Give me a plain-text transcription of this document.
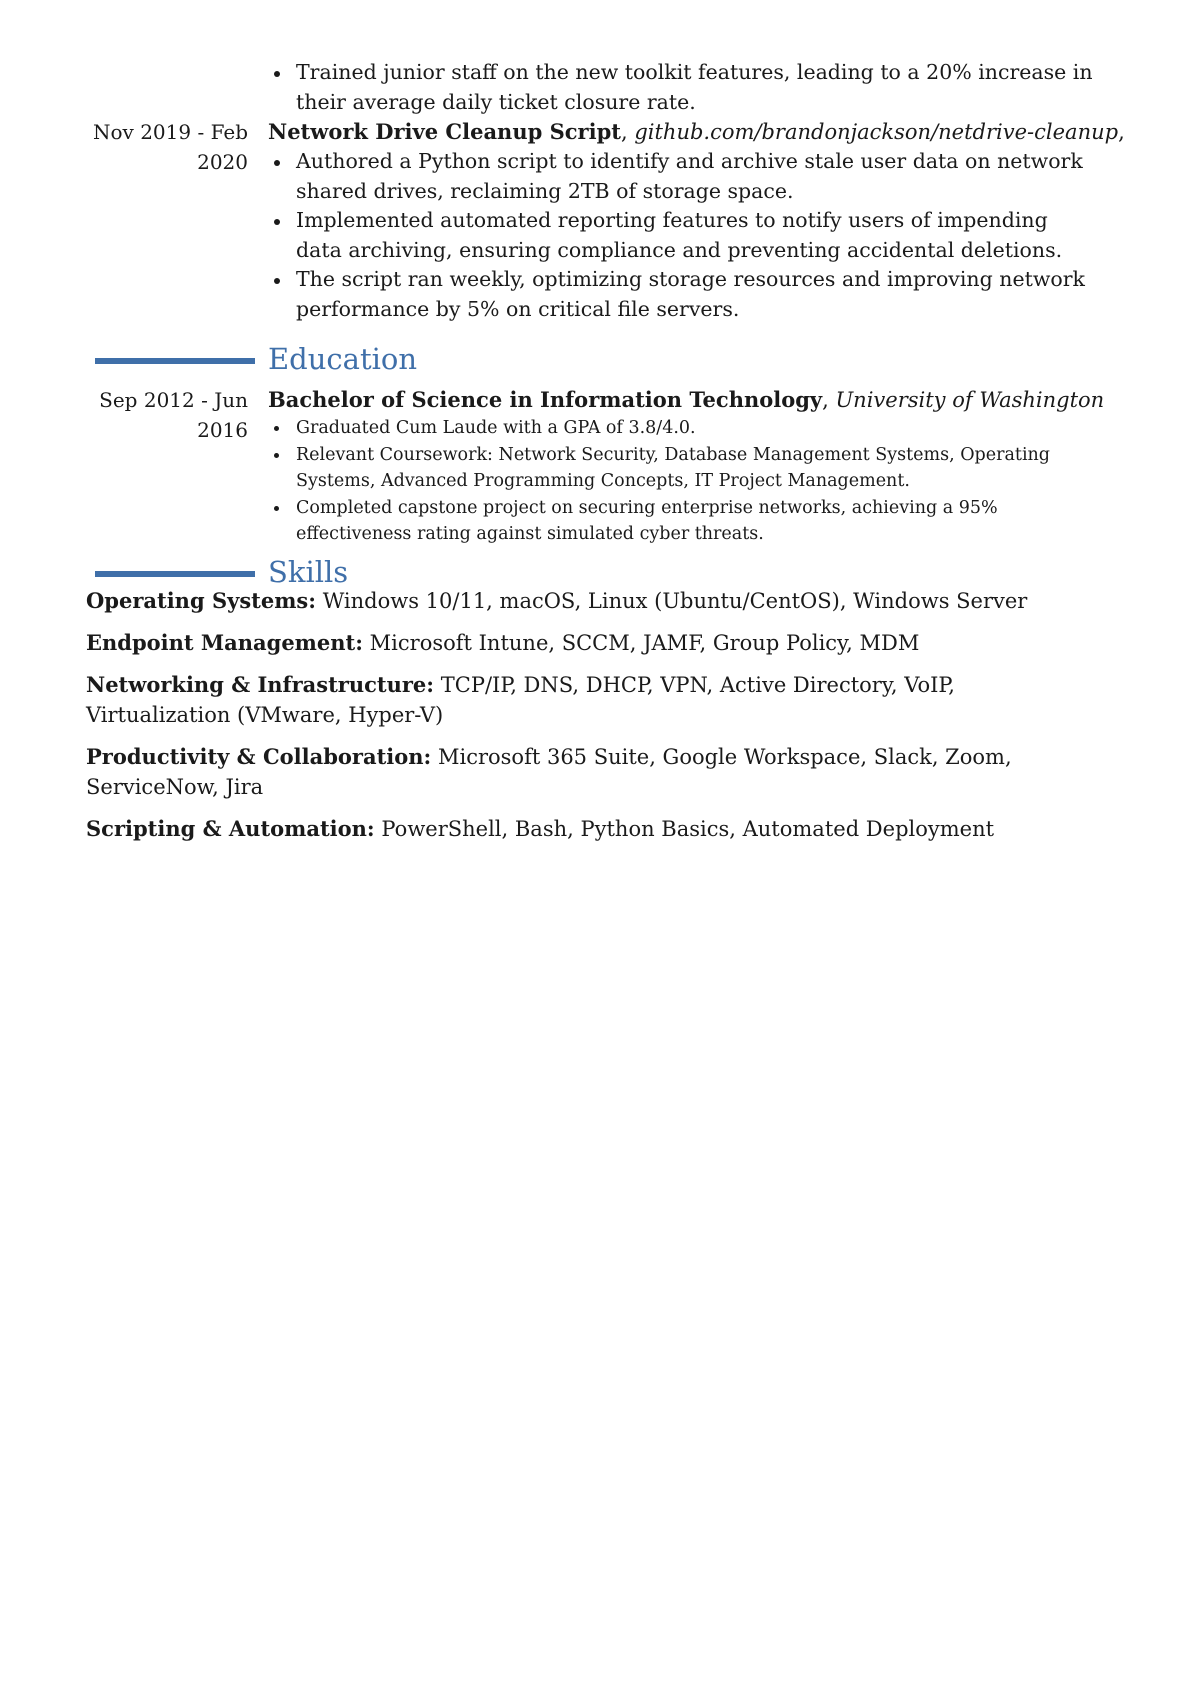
Trained junior staff on the new toolkit features, leading to a 20% increase in their average daily ticket closure rate.
Nov 2019 - Feb
2020
Network Drive Cleanup Script, github.com/brandonjackson/netdrive-cleanup,
Authored a Python script to identify and archive stale user data on network shared drives, reclaiming 2TB of storage space.
Implemented automated reporting features to notify users of impending data archiving, ensuring compliance and preventing accidental deletions.
The script ran weekly, optimizing storage resources and improving network performance by 5% on critical file servers.
Education
Sep 2012 - Jun
2016
Bachelor of Science in Information Technology, University of Washington
Graduated Cum Laude with a GPA of 3.8/4.0.
Relevant Coursework: Network Security, Database Management Systems, Operating Systems, Advanced Programming Concepts, IT Project Management.
Completed capstone project on securing enterprise networks, achieving a 95% effectiveness rating against simulated cyber threats.
Skills
Operating Systems: Windows 10/11, macOS, Linux (Ubuntu/CentOS), Windows Server
Endpoint Management: Microsoft Intune, SCCM, JAMF, Group Policy, MDM
Networking & Infrastructure: TCP/IP, DNS, DHCP, VPN, Active Directory, VoIP, Virtualization (VMware, Hyper-V)
Productivity & Collaboration: Microsoft 365 Suite, Google Workspace, Slack, Zoom, ServiceNow, Jira
Scripting & Automation: PowerShell, Bash, Python Basics, Automated Deployment
